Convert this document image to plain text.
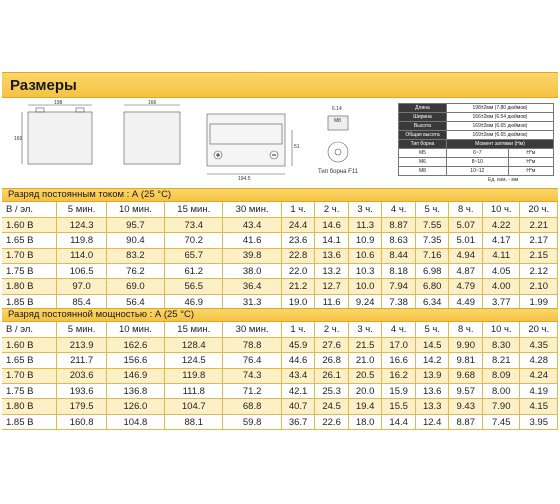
Размеры
198	166
169
194.5
51
6.14
M8
Тип борна F11
Длина	198±2мм (7.80 дюймов)	
Ширина	166±2мм (6.54 дюймов)	
Высота	169±2мм (6.65 дюймов)	
Общая высота	169±2мм (6.65 дюймов)	
Тип борна	Момент затяжки (Нм)	
M5	6~7	Н*м
M6	8~10	Н*м
M8	10~12	Н*м
Ед. изм. - мм
Разряд постоянным током : А (25 °С)
В / эл.	5 мин.	10 мин.	15 мин.	30 мин.	1 ч.	2 ч.	3 ч.	4 ч.	5 ч.	8 ч.	10 ч.	20 ч.
1.60 В	124.3	95.7	73.4	43.4	24.4	14.6	11.3	8.87	7.55	5.07	4.22	2.21
1.65 В	119.8	90.4	70.2	41.6	23.6	14.1	10.9	8.63	7.35	5.01	4.17	2.17
1.70 В	114.0	83.2	65.7	39.8	22.8	13.6	10.6	8.44	7.16	4.94	4.11	2.15
1.75 В	106.5	76.2	61.2	38.0	22.0	13.2	10.3	8.18	6.98	4.87	4.05	2.12
1.80 В	97.0	69.0	56.5	36.4	21.2	12.7	10.0	7.94	6.80	4.79	4.00	2.10
1.85 В	85.4	56.4	46.9	31.3	19.0	11.6	9.24	7.38	6.34	4.49	3.77	1.99
Разряд постоянной мощностью : А (25 °С)
В / эл.	5 мин.	10 мин.	15 мин.	30 мин.	1 ч.	2 ч.	3 ч.	4 ч.	5 ч.	8 ч.	10 ч.	20 ч.
1.60 В	213.9	162.6	128.4	78.8	45.9	27.6	21.5	17.0	14.5	9.90	8.30	4.35
1.65 В	211.7	156.6	124.5	76.4	44.6	26.8	21.0	16.6	14.2	9.81	8.21	4.28
1.70 В	203.6	146.9	119.8	74.3	43.4	26.1	20.5	16.2	13.9	9.68	8.09	4.24
1.75 В	193.6	136.8	111.8	71.2	42.1	25.3	20.0	15.9	13.6	9.57	8.00	4.19
1.80 В	179.5	126.0	104.7	68.8	40.7	24.5	19.4	15.5	13.3	9.43	7.90	4.15
1.85 В	160.8	104.8	88.1	59.8	36.7	22.6	18.0	14.4	12.4	8.87	7.45	3.95
